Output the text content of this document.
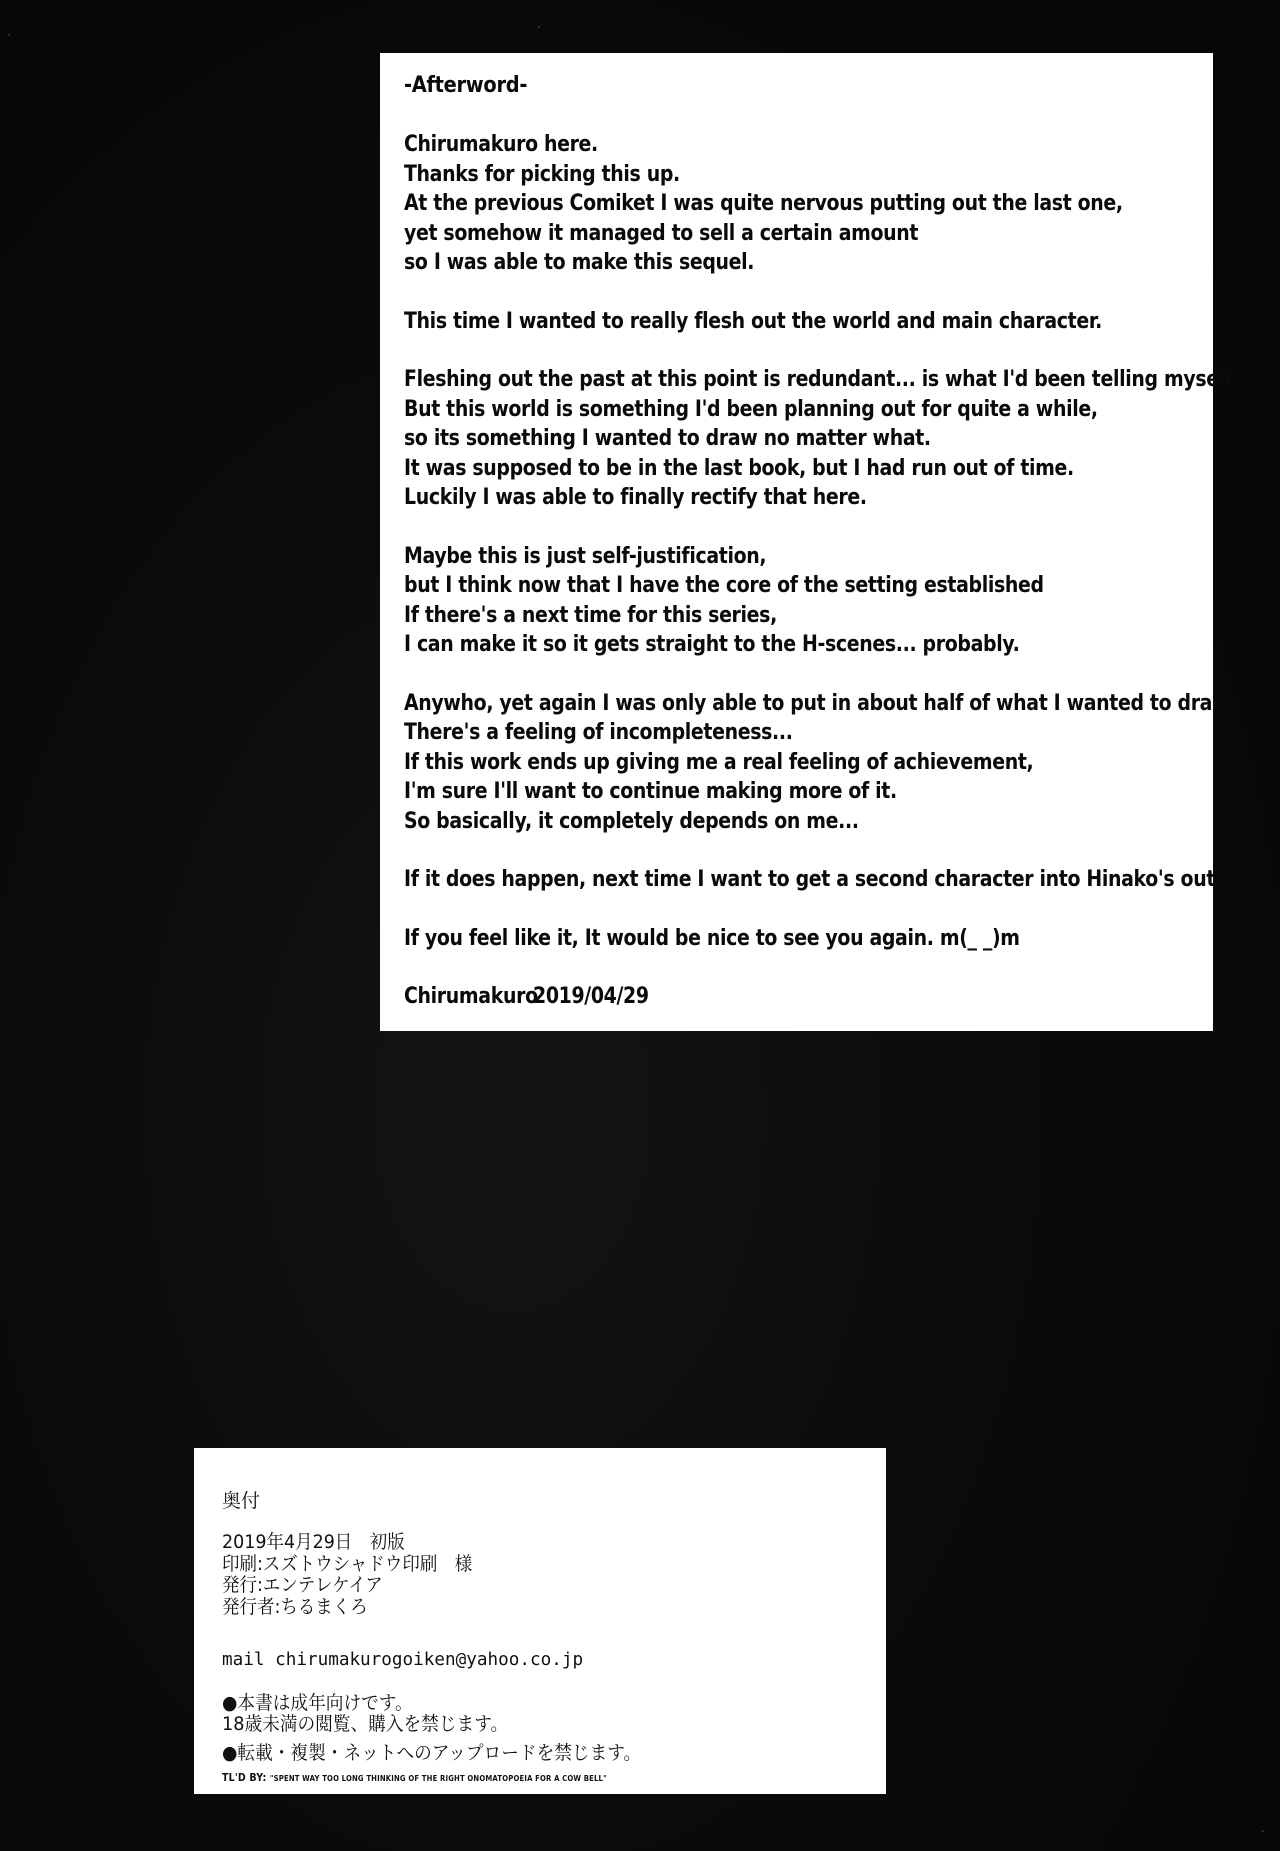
-Afterword-
Chirumakuro here.
Thanks for picking this up.
At the previous Comiket I was quite nervous putting out the last one,
yet somehow it managed to sell a certain amount
so I was able to make this sequel.
This time I wanted to really flesh out the world and main character.
Fleshing out the past at this point is redundant... is what I'd been telling myself.
But this world is something I'd been planning out for quite a while,
so its something I wanted to draw no matter what.
It was supposed to be in the last book, but I had run out of time.
Luckily I was able to finally rectify that here.
Maybe this is just self-justification,
but I think now that I have the core of the setting established
If there's a next time for this series,
I can make it so it gets straight to the H-scenes... probably.
Anywho, yet again I was only able to put in about half of what I wanted to draw.
There's a feeling of incompleteness...
If this work ends up giving me a real feeling of achievement,
I'm sure I'll want to continue making more of it.
So basically, it completely depends on me...
If it does happen, next time I want to get a second character into Hinako's outfit.
If you feel like it, It would be nice to see you again. m(_ _)m
Chirumakuro2019/04/29
奥付
2019年4月29日　初版
印刷:スズトウシャドウ印刷　様
発行:エンテレケイア
発行者:ちるまくろ
mail chirumakurogoiken@yahoo.co.jp
●本書は成年向けです。
18歳未満の閲覧、購入を禁じます。
●転載・複製・ネットへのアップロードを禁じます。
TL'D BY: "SPENT WAY TOO LONG THINKING OF THE RIGHT ONOMATOPOEIA FOR A COW BELL"
